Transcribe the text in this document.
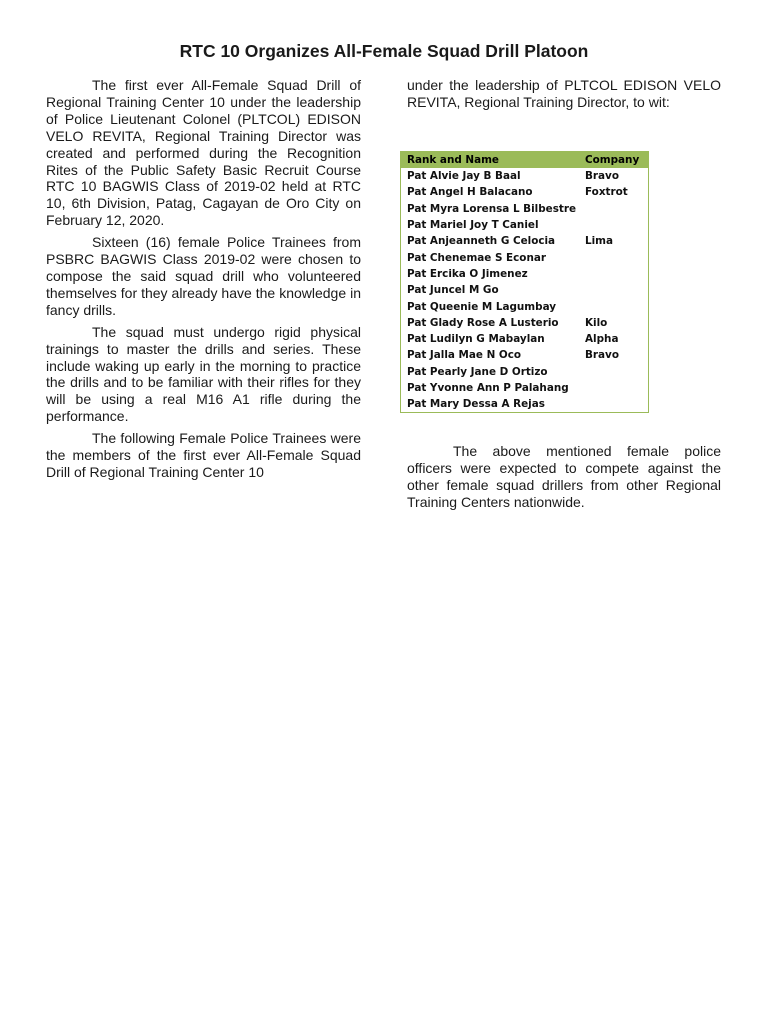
RTC 10 Organizes All-Female Squad Drill Platoon

The first ever All-Female Squad Drill of Regional Training Center 10 under the leadership of Police Lieutenant Colonel (PLTCOL) EDISON VELO REVITA, Regional Training Director was created and performed during the Recognition Rites of the Public Safety Basic Recruit Course RTC 10 BAGWIS Class of 2019-02 held at RTC 10, 6th Division, Patag, Cagayan de Oro City on February 12, 2020.

Sixteen (16) female Police Trainees from PSBRC BAGWIS Class 2019-02 were chosen to compose the said squad drill who volunteered themselves for they already have the knowledge in fancy drills.

The squad must undergo rigid physical trainings to master the drills and series. These include waking up early in the morning to practice the drills and to be familiar with their rifles for they will be using a real M16 A1 rifle during the performance.

The following Female Police Trainees were the members of the first ever All-Female Squad Drill of Regional Training Center 10

under the leadership of PLTCOL EDISON VELO REVITA, Regional Training Director, to wit:

Rank and Name	Company
Pat Alvie Jay B Baal	Bravo
Pat Angel H Balacano	Foxtrot
Pat Myra Lorensa L Bilbestre	
Pat Mariel Joy T Caniel	
Pat Anjeanneth G Celocia	Lima
Pat Chenemae S Econar	
Pat Ercika O Jimenez	
Pat Juncel M Go	
Pat Queenie M Lagumbay	
Pat Glady Rose A Lusterio	Kilo
Pat Ludilyn G Mabaylan	Alpha
Pat Jalla Mae N Oco	Bravo
Pat Pearly Jane D Ortizo	
Pat Yvonne Ann P Palahang	
Pat Mary Dessa A Rejas	

The above mentioned female police officers were expected to compete against the other female squad drillers from other Regional Training Centers nationwide.
